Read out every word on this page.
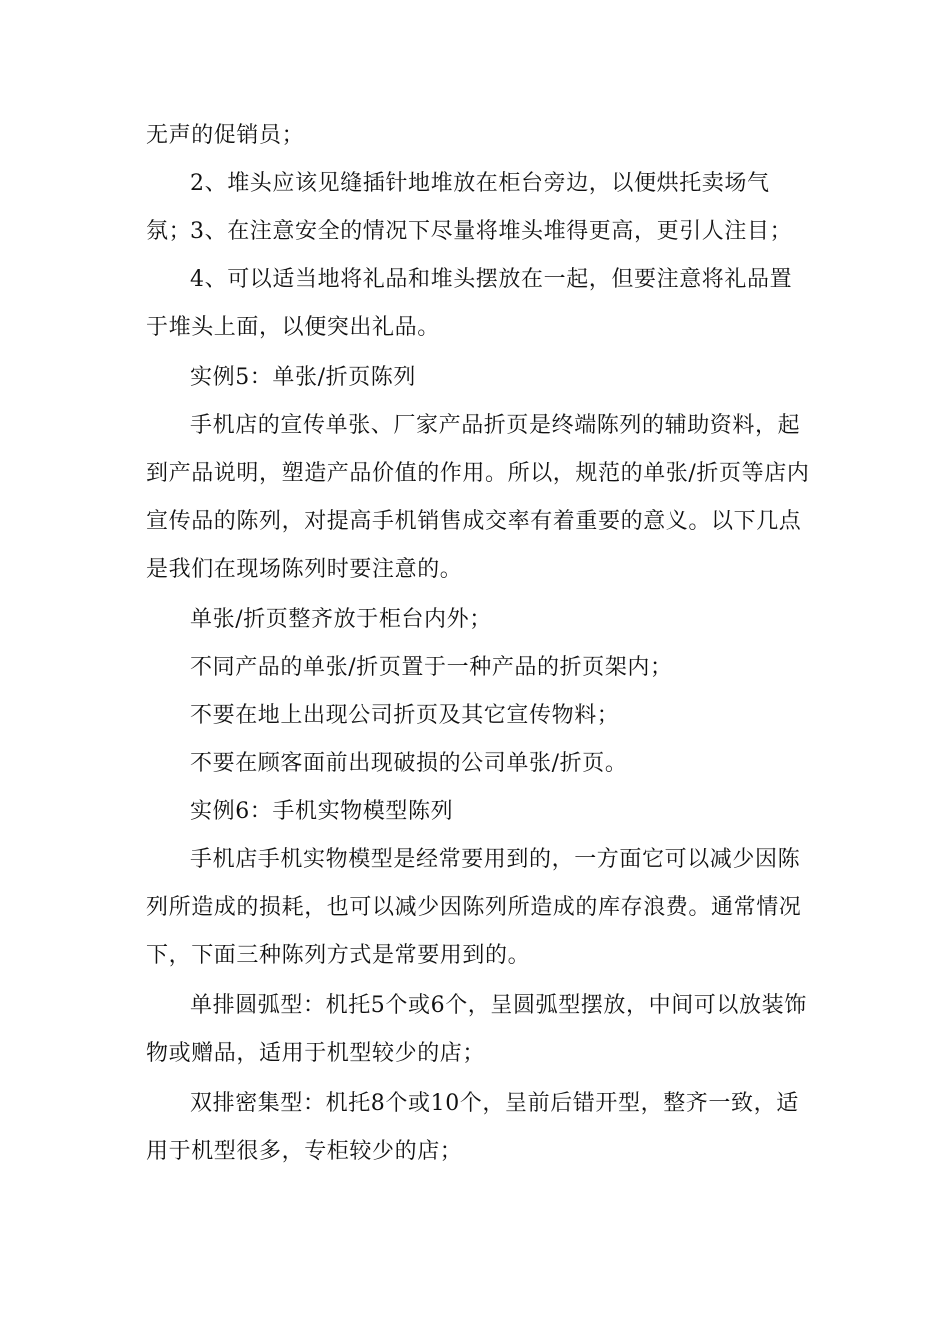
无声的促销员；

2、堆头应该见缝插针地堆放在柜台旁边，以便烘托卖场气氛；

3、在注意安全的情况下尽量将堆头堆得更高，更引人注目；

4、可以适当地将礼品和堆头摆放在一起，但要注意将礼品置于堆头上面，以便突出礼品。

实例5：单张/折页陈列

手机店的宣传单张、厂家产品折页是终端陈列的辅助资料，起到产品说明，塑造产品价值的作用。所以，规范的单张/折页等店内宣传品的陈列，对提高手机销售成交率有着重要的意义。以下几点是我们在现场陈列时要注意的。

单张/折页整齐放于柜台内外；

不同产品的单张/折页置于一种产品的折页架内；

不要在地上出现公司折页及其它宣传物料；

不要在顾客面前出现破损的公司单张/折页。

实例6：手机实物模型陈列

手机店手机实物模型是经常要用到的，一方面它可以减少因陈列所造成的损耗，也可以减少因陈列所造成的库存浪费。通常情况下，下面三种陈列方式是常要用到的。

单排圆弧型：机托5个或6个，呈圆弧型摆放，中间可以放装饰物或赠品，适用于机型较少的店；

双排密集型：机托8个或10个，呈前后错开型，整齐一致，适用于机型很多，专柜较少的店；
